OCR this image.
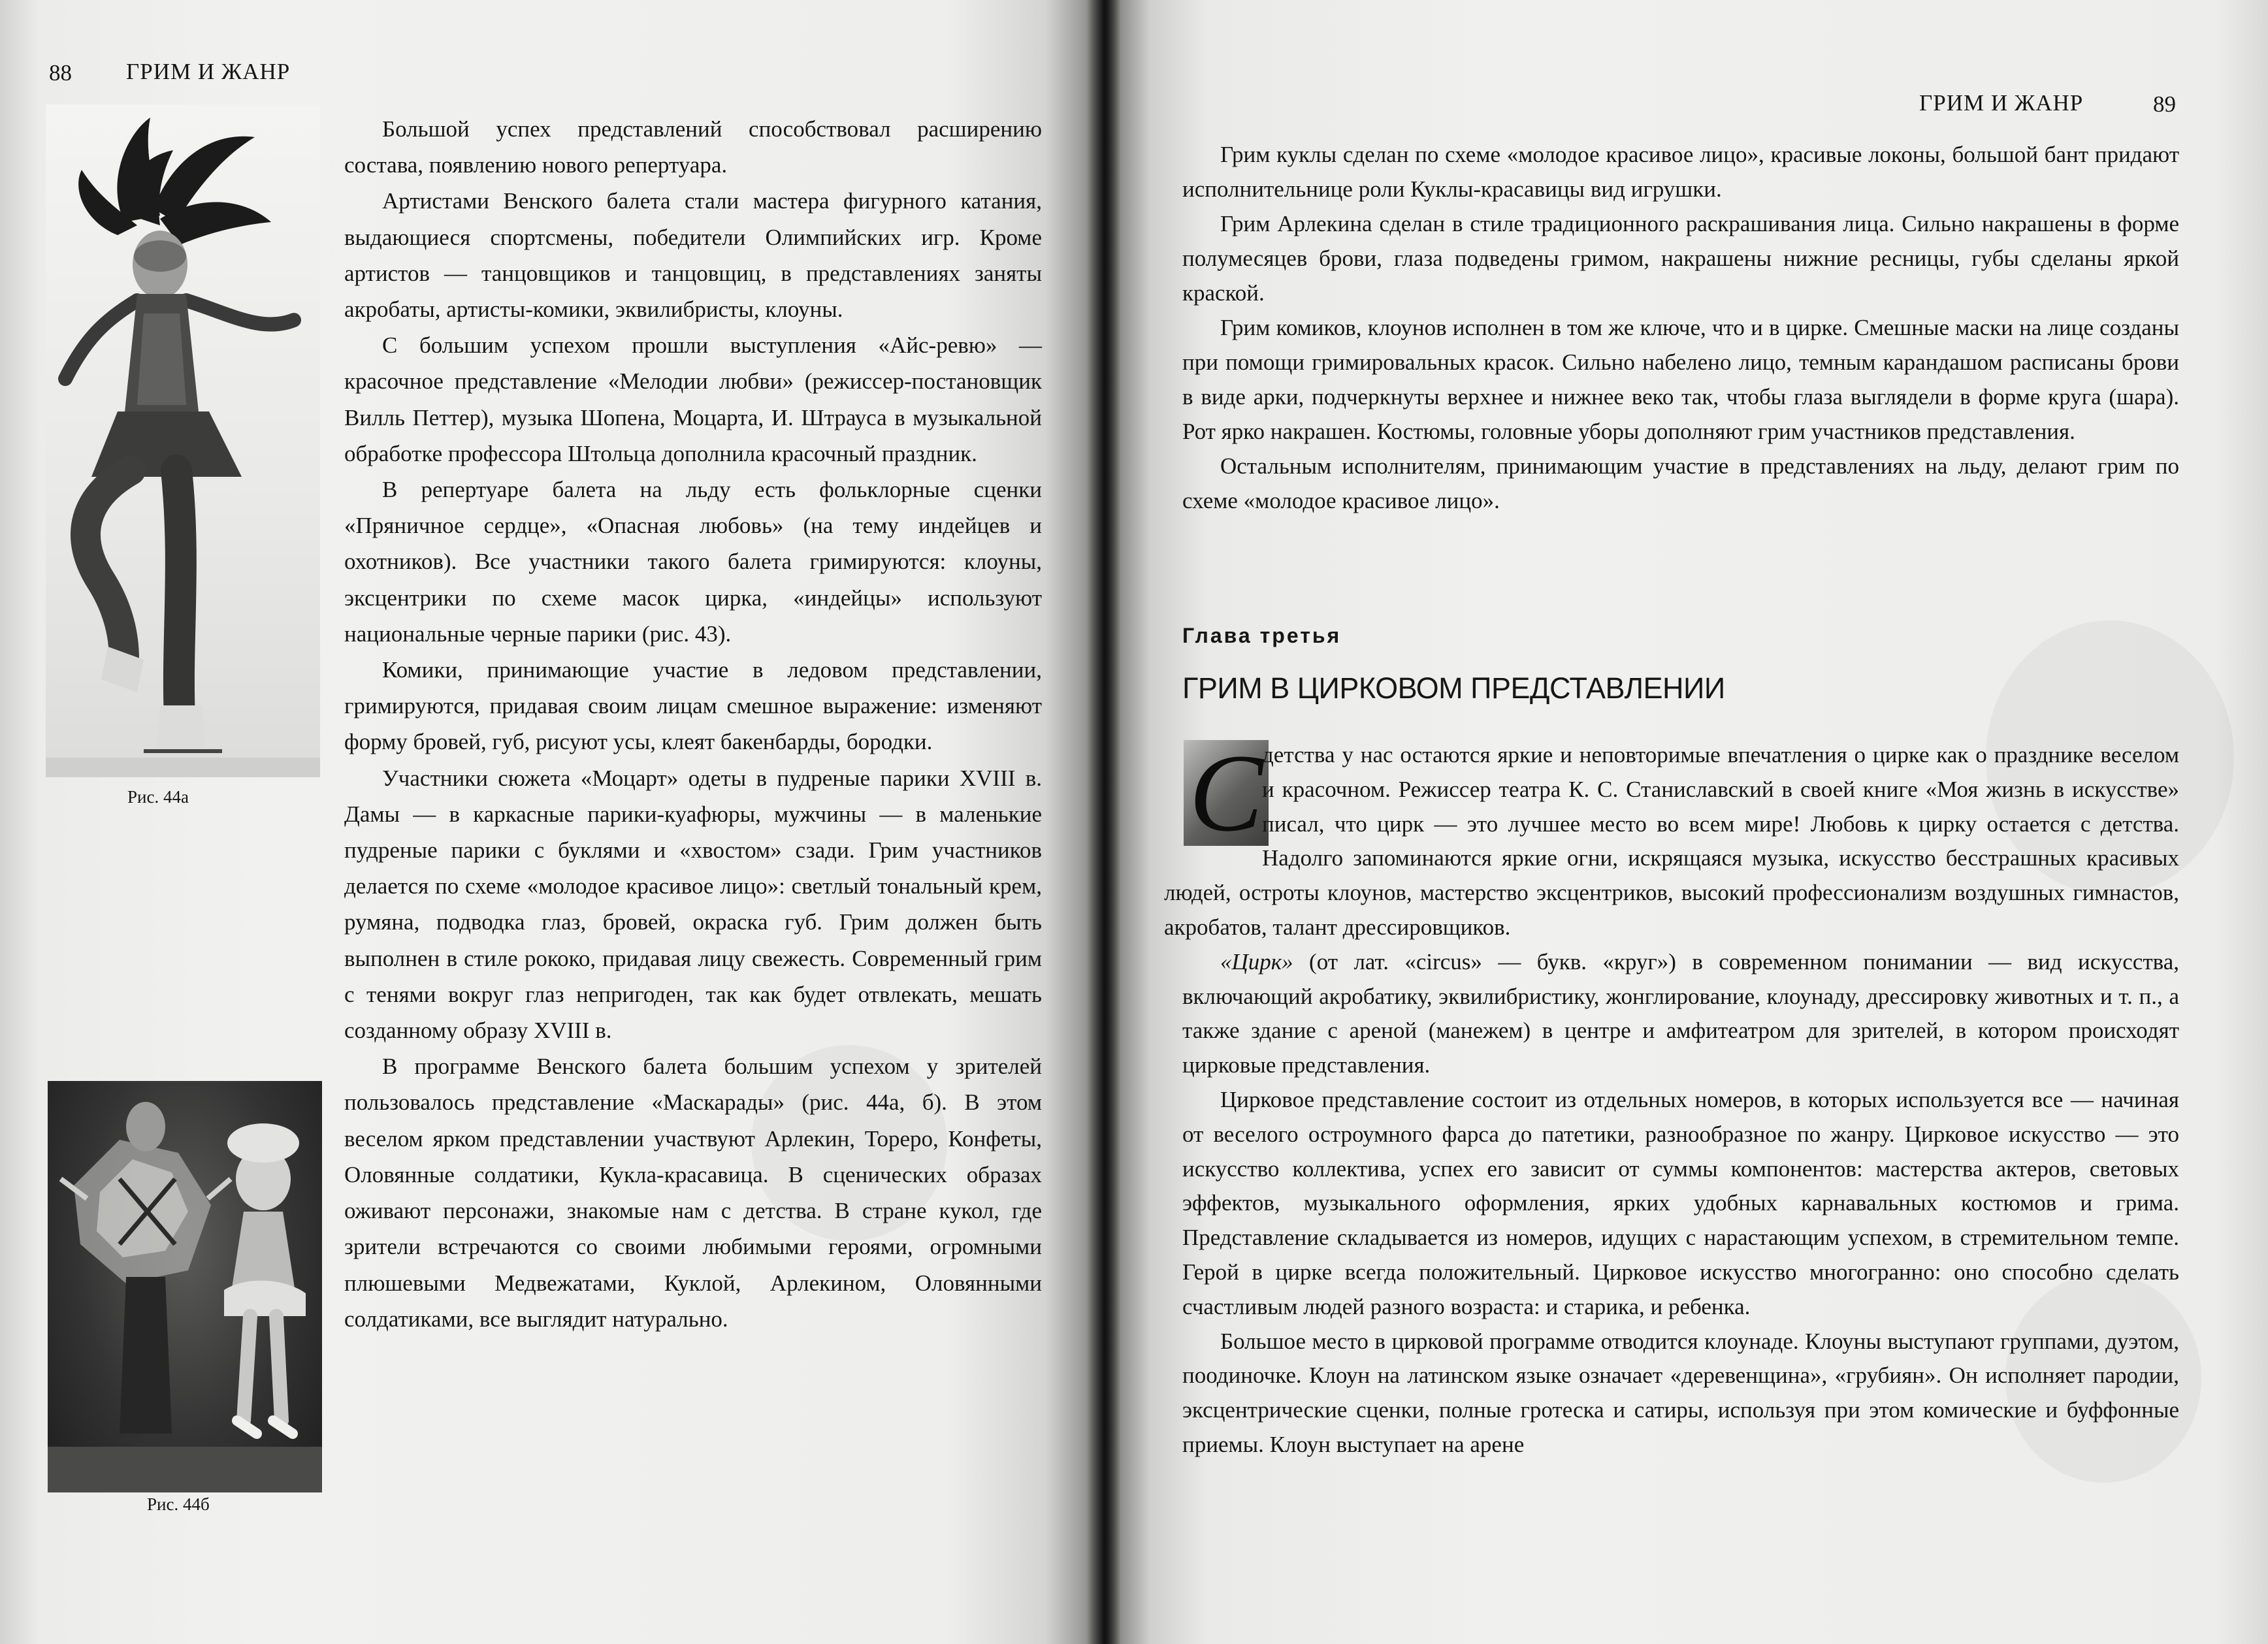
88 ГРИМ И ЖАНР
Рис. 44а
Рис. 44б

Большой успех представлений способствовал расширению состава, появлению нового репертуара.

Артистами Венского балета стали мастера фигурного катания, выдающиеся спортсмены, победители Олимпийских игр. Кроме артистов — танцовщиков и танцовщиц, в представлениях заняты акробаты, артисты-комики, эквилибристы, клоуны.

С большим успехом прошли выступления «Айс-ревю» — красочное представление «Мелодии любви» (режиссер-постановщик Вилль Петтер), музыка Шопена, Моцарта, И. Штрауса в музыкальной обработке профессора Штольца дополнила красочный праздник.

В репертуаре балета на льду есть фольклорные сценки «Пряничное сердце», «Опасная любовь» (на тему индейцев и охотников). Все участники такого балета гримируются: клоуны, эксцентрики по схеме масок цирка, «индейцы» используют национальные черные парики (рис. 43).

Комики, принимающие участие в ледовом представлении, гримируются, придавая своим лицам смешное выражение: изменяют форму бровей, губ, рисуют усы, клеят бакенбарды, бородки.

Участники сюжета «Моцарт» одеты в пудреные парики XVIII в. Дамы — в каркасные парики-куафюры, мужчины — в маленькие пудреные парики с буклями и «хвостом» сзади. Грим участников делается по схеме «молодое красивое лицо»: светлый тональный крем, румяна, подводка глаз, бровей, окраска губ. Грим должен быть выполнен в стиле рококо, придавая лицу свежесть. Современный грим с тенями вокруг глаз непригоден, так как будет отвлекать, мешать созданному образу XVIII в.

В программе Венского балета большим успехом у зрителей пользовалось представление «Маскарады» (рис. 44а, б). В этом веселом ярком представлении участвуют Арлекин, Тореро, Конфеты, Оловянные солдатики, Кукла-красавица. В сценических образах оживают персонажи, знакомые нам с детства. В стране кукол, где зрители встречаются со своими любимыми героями, огромными плюшевыми Медвежатами, Куклой, Арлекином, Оловянными солдатиками, все выглядит натурально.

ГРИМ И ЖАНР	89

Грим куклы сделан по схеме «молодое красивое лицо», красивые локоны, большой бант придают исполнительнице роли Куклы-красавицы вид игрушки.

Грим Арлекина сделан в стиле традиционного раскрашивания лица. Сильно накрашены в форме полумесяцев брови, глаза подведены гримом, накрашены нижние ресницы, губы сделаны яркой краской.

Грим комиков, клоунов исполнен в том же ключе, что и в цирке. Смешные маски на лице созданы при помощи гримировальных красок. Сильно набелено лицо, темным карандашом расписаны брови в виде арки, подчеркнуты верхнее и нижнее веко так, чтобы глаза выглядели в форме круга (шара). Рот ярко накрашен. Костюмы, головные уборы дополняют грим участников представления.

Остальным исполнителям, принимающим участие в представлениях на льду, делают грим по схеме «молодое красивое лицо».

Глава третья
ГРИМ В ЦИРКОВОМ ПРЕДСТАВЛЕНИИ
С

детства у нас остаются яркие и неповторимые впечатления о цирке как о празднике веселом и красочном. Режиссер театра К. С. Станиславский в своей книге «Моя жизнь в искусстве» писал, что цирк — это лучшее место во всем мире! Любовь к цирку остается с детства. Надолго запоминаются яркие огни, искрящаяся музыка, искусство бесстрашных красивых людей, остроты клоунов, мастерство эксцентриков, высокий профессионализм воздушных гимнастов, акробатов, талант дрессировщиков.

«Цирк» (от лат. «circus» — букв. «круг») в современном понимании — вид искусства, включающий акробатику, эквилибристику, жонглирование, клоунаду, дрессировку животных и т. п., а также здание с ареной (манежем) в центре и амфитеатром для зрителей, в котором происходят цирковые представления.

Цирковое представление состоит из отдельных номеров, в которых используется все — начиная от веселого остроумного фарса до патетики, разнообразное по жанру. Цирковое искусство — это искусство коллектива, успех его зависит от суммы компонентов: мастерства актеров, световых эффектов, музыкального оформления, ярких удобных карнавальных костюмов и грима. Представление складывается из номеров, идущих с нарастающим успехом, в стремительном темпе. Герой в цирке всегда положительный. Цирковое искусство многогранно: оно способно сделать счастливым людей разного возраста: и старика, и ребенка.

Большое место в цирковой программе отводится клоунаде. Клоуны выступают группами, дуэтом, поодиночке. Клоун на латинском языке означает «деревенщина», «грубиян». Он исполняет пародии, эксцентрические сценки, полные гротеска и сатиры, используя при этом комические и буффонные приемы. Клоун выступает на арене
